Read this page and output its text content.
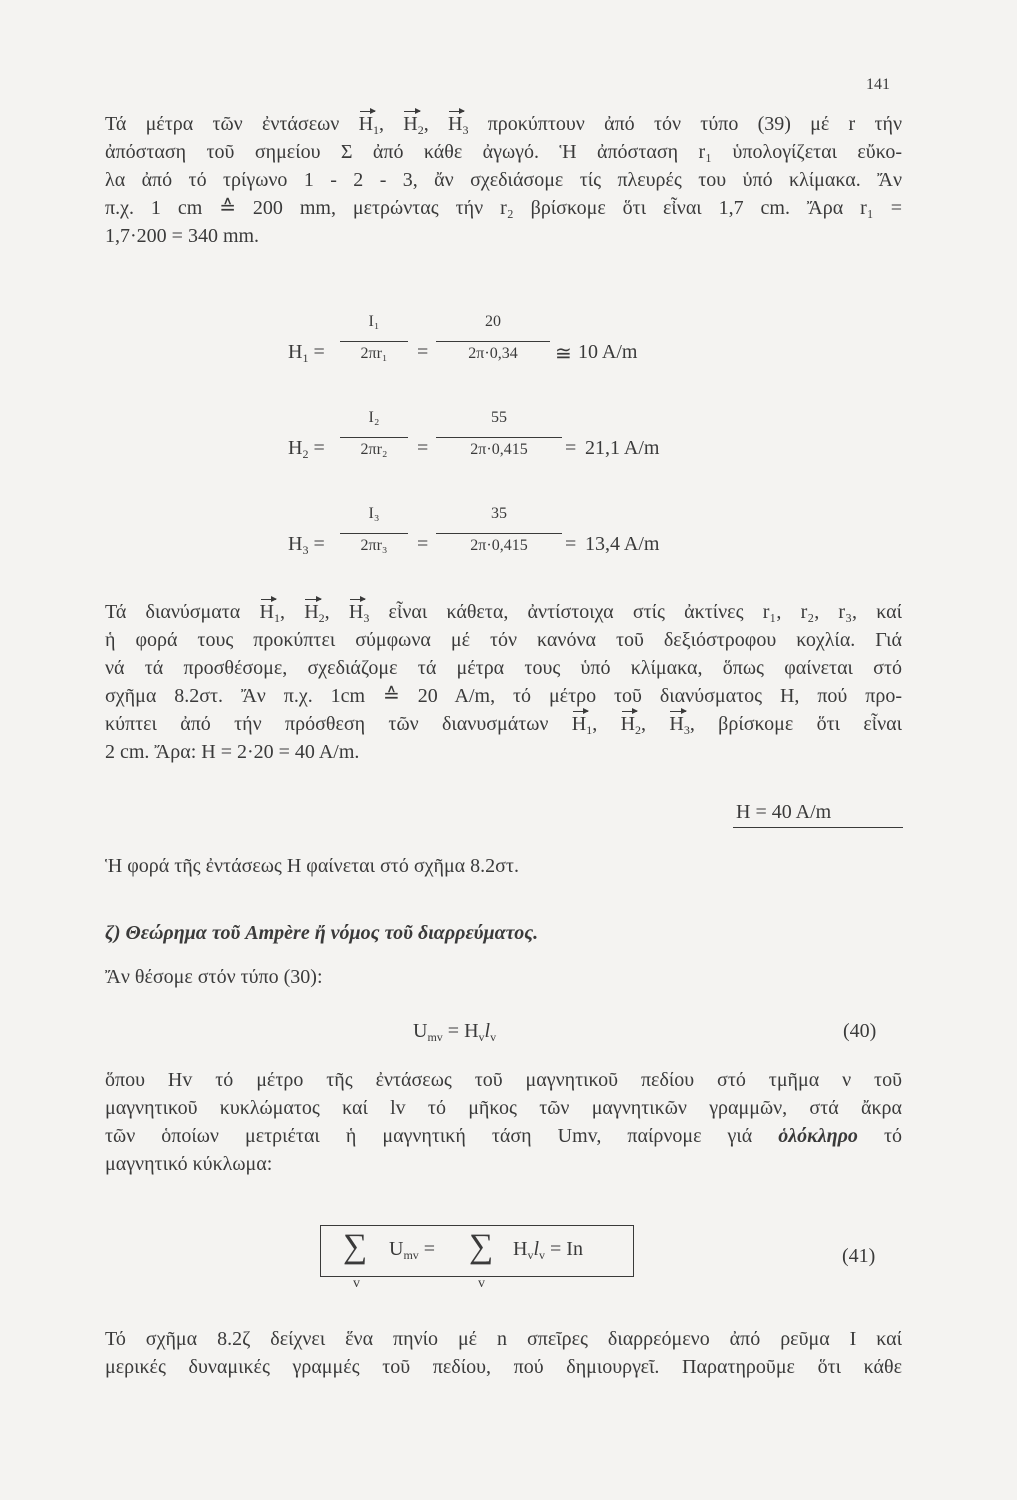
141
Τά μέτρα τῶν ἐντάσεων $H_1$, $H_2$, $H_3$ προκύπτουν ἀπό τόν τύπο (39) μέ r τήν
ἀπόσταση τοῦ σημείου Σ ἀπό κάθε ἀγωγό. Ἡ ἀπόσταση r₁ ὑπολογίζεται εὔκο-
λα ἀπό τό τρίγωνο 1 - 2 - 3, ἄν σχεδιάσομε τίς πλευρές του ὑπό κλίμακα. Ἄν
π.χ. 1 cm ≙ 200 mm, μετρώντας τήν r₂ βρίσκομε ὅτι εἶναι 1,7 cm. Ἄρα r₁ =
1,7·200 = 340 mm.
$H_1$ =
I₁
2πr₁	=
20
2π·0,34	≅ 10 A/m
$H_2$ =
I₂
2πr₂	=
55
2π·0,415	= 21,1 A/m
$H_3$ =
I₃
2πr₃	=
35
2π·0,415	= 13,4 A/m
Τά διανύσματα $H_1$, $H_2$, $H_3$ εἶναι κάθετα, ἀντίστοιχα στίς ἀκτίνες r₁, r₂, r₃, καί
ἡ φορά τους προκύπτει σύμφωνα μέ τόν κανόνα τοῦ δεξιόστροφου κοχλία. Γιά
νά τά προσθέσομε, σχεδιάζομε τά μέτρα τους ὑπό κλίμακα, ὅπως φαίνεται στό
σχῆμα 8.2στ. Ἄν π.χ. 1cm ≙ 20 A/m, τό μέτρο τοῦ διανύσματος H, πού προ-
κύπτει ἀπό τήν πρόσθεση τῶν διανυσμάτων $H_1$, $H_2$, $H_3$, βρίσκομε ὅτι εἶναι
2 cm. Ἄρα: H = 2·20 = 40 A/m.
H = 40 A/m
Ἡ φορά τῆς ἐντάσεως H φαίνεται στό σχῆμα 8.2στ.
ζ) Θεώρημα τοῦ Ampère ἤ νόμος τοῦ διαρρεύματος.
Ἄν θέσομε στόν τύπο (30):
$U_{mv} = H_vl_v$	(40)
ὅπου Hv τό μέτρο τῆς ἐντάσεως τοῦ μαγνητικοῦ πεδίου στό τμῆμα ν τοῦ
μαγνητικοῦ κυκλώματος καί lv τό μῆκος τῶν μαγνητικῶν γραμμῶν, στά ἄκρα
τῶν ὁποίων μετριέται ἡ μαγνητική τάση Umv, παίρνομε γιά ὁλόκληρο τό
μαγνητικό κύκλωμα:
∑
v
$U_{mv}$ = ∑
v
$H_vl_v = In$	(41)
Τό σχῆμα 8.2ζ δείχνει ἕνα πηνίο μέ n σπεῖρες διαρρεόμενο ἀπό ρεῦμα I καί
μερικές δυναμικές γραμμές τοῦ πεδίου, πού δημιουργεῖ. Παρατηροῦμε ὅτι κάθε
